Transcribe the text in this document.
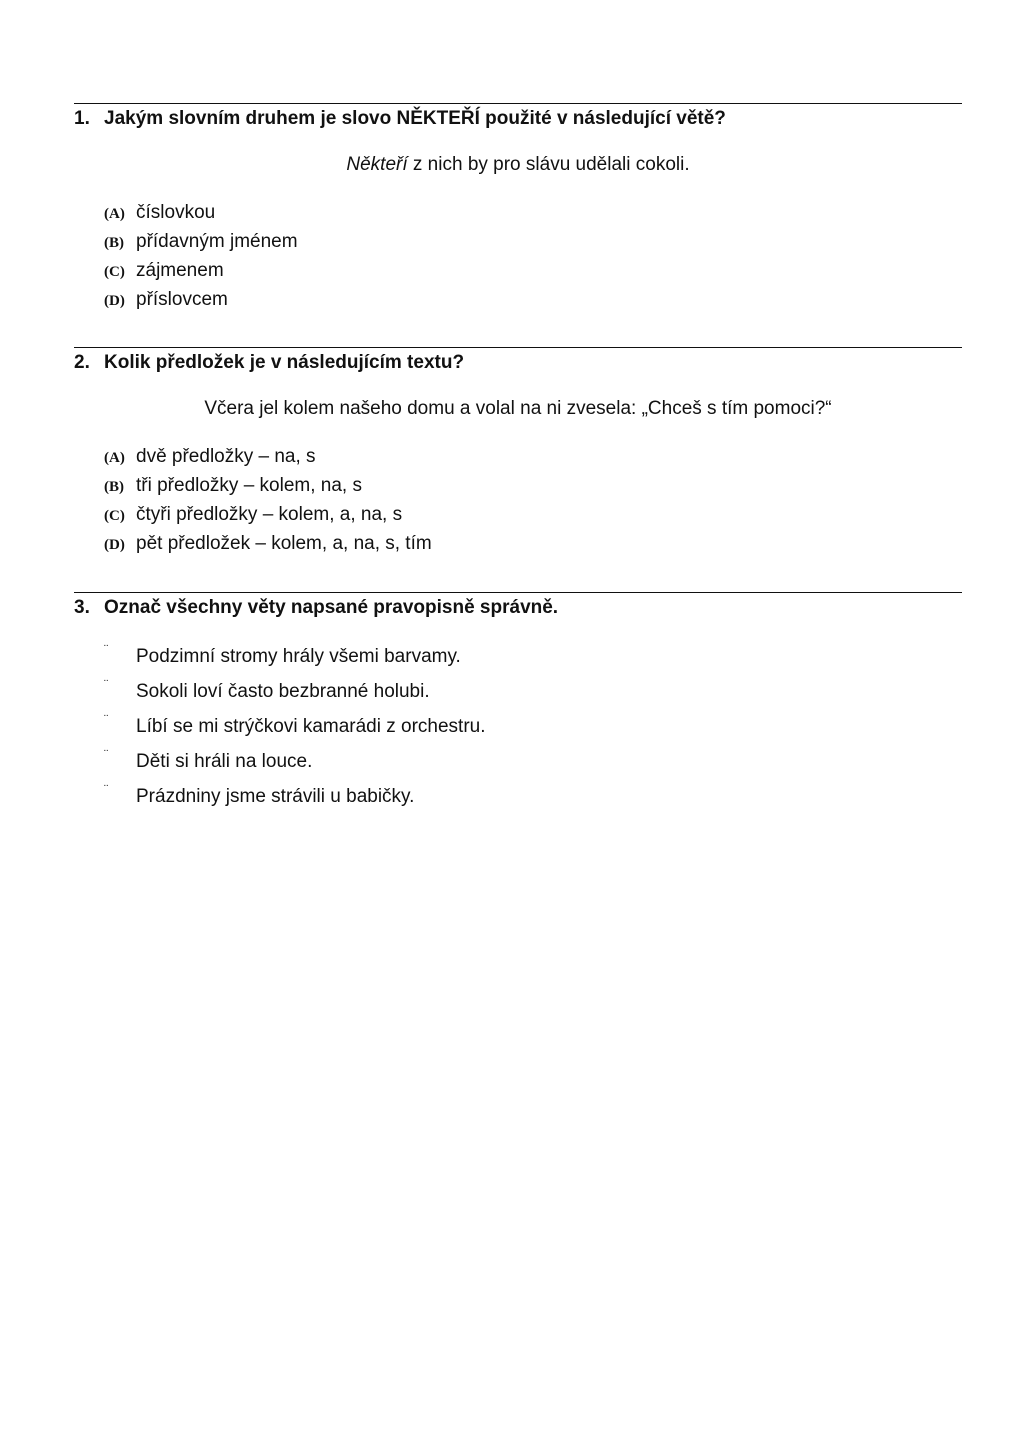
1. Jakým slovním druhem je slovo NĚKTEŘÍ použité v následující větě?
Někteří z nich by pro slávu udělali cokoli.
(A) číslovkou
(B) přídavným jménem
(C) zájmenem
(D) příslovcem
2. Kolik předložek je v následujícím textu?
Včera jel kolem našeho domu a volal na ni zvesela: „Chceš s tím pomoci?“
(A) dvě předložky – na, s
(B) tři předložky – kolem, na, s
(C) čtyři předložky – kolem, a, na, s
(D) pět předložek – kolem, a, na, s, tím
3. Označ všechny věty napsané pravopisně správně.
¨	Podzimní stromy hrály všemi barvamy.
¨	Sokoli loví často bezbranné holubi.
¨	Líbí se mi strýčkovi kamarádi z orchestru.
¨	Děti si hráli na louce.
¨	Prázdniny jsme strávili u babičky.
